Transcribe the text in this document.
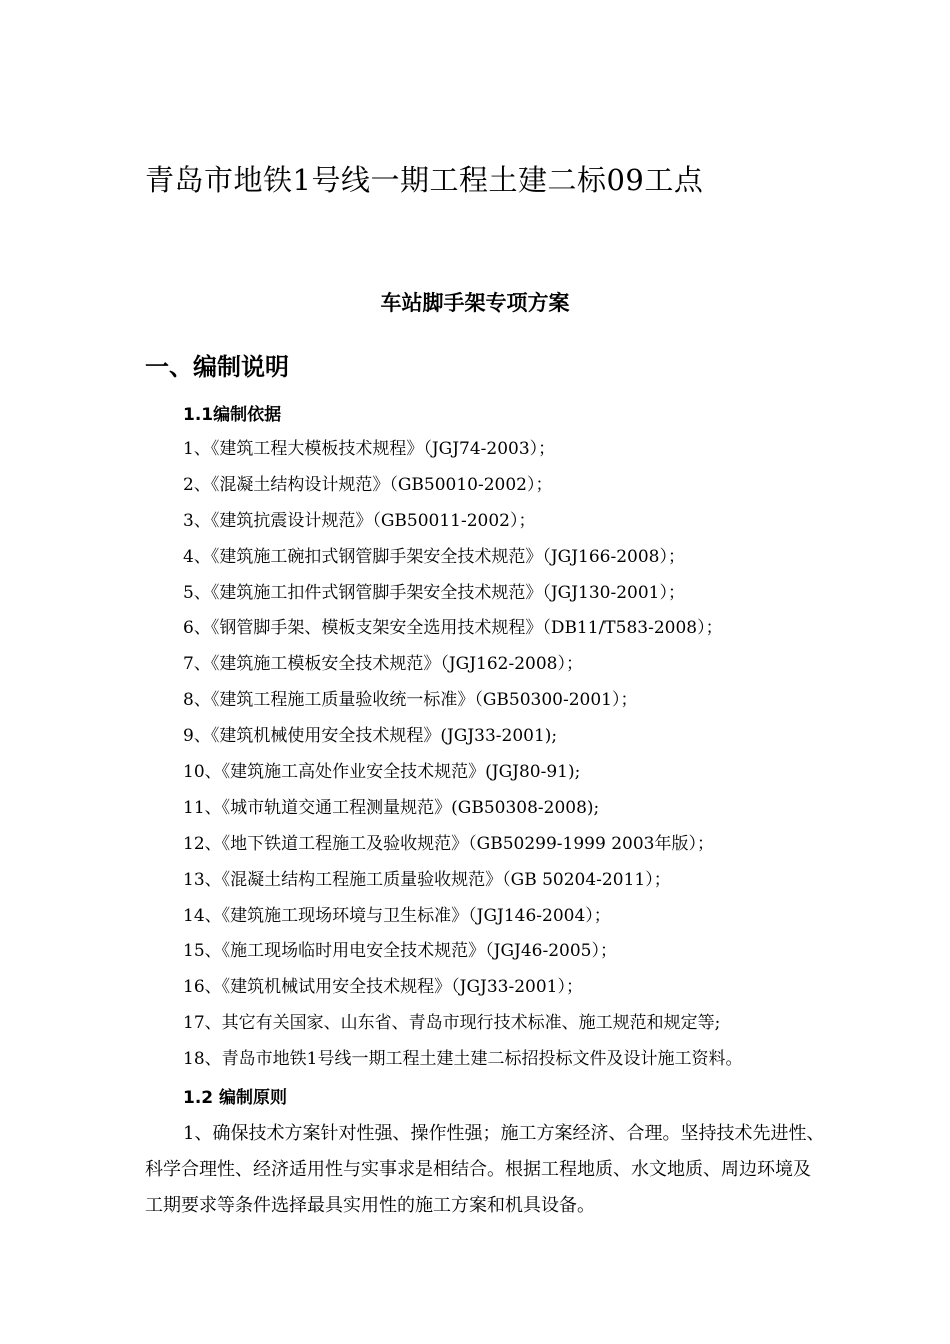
青岛市地铁1号线一期工程土建二标09工点
车站脚手架专项方案
一、编制说明
1.1编制依据
1、《建筑工程大模板技术规程》（JGJ74-2003）；
2、《混凝土结构设计规范》（GB50010-2002）；
3、《建筑抗震设计规范》（GB50011-2002）；
4、《建筑施工碗扣式钢管脚手架安全技术规范》（JGJ166-2008）；
5、《建筑施工扣件式钢管脚手架安全技术规范》（JGJ130-2001）；
6、《钢管脚手架、模板支架安全选用技术规程》（DB11/T583-2008）；
7、《建筑施工模板安全技术规范》（JGJ162-2008）；
8、《建筑工程施工质量验收统一标准》（GB50300-2001）；
9、《建筑机械使用安全技术规程》(JGJ33-2001);
10、《建筑施工高处作业安全技术规范》(JGJ80-91);
11、《城市轨道交通工程测量规范》(GB50308-2008);
12、《地下铁道工程施工及验收规范》（GB50299-1999 2003年版）；
13、《混凝土结构工程施工质量验收规范》（GB 50204-2011）；
14、《建筑施工现场环境与卫生标准》（JGJ146-2004）；
15、《施工现场临时用电安全技术规范》（JGJ46-2005）；
16、《建筑机械试用安全技术规程》（JGJ33-2001）；
17、其它有关国家、山东省、青岛市现行技术标准、施工规范和规定等;
18、青岛市地铁1号线一期工程土建土建二标招投标文件及设计施工资料。
1.2 编制原则

1、确保技术方案针对性强、操作性强；施工方案经济、合理。坚持技术先进性、科学合理性、经济适用性与实事求是相结合。根据工程地质、水文地质、周边环境及工期要求等条件选择最具实用性的施工方案和机具设备。
